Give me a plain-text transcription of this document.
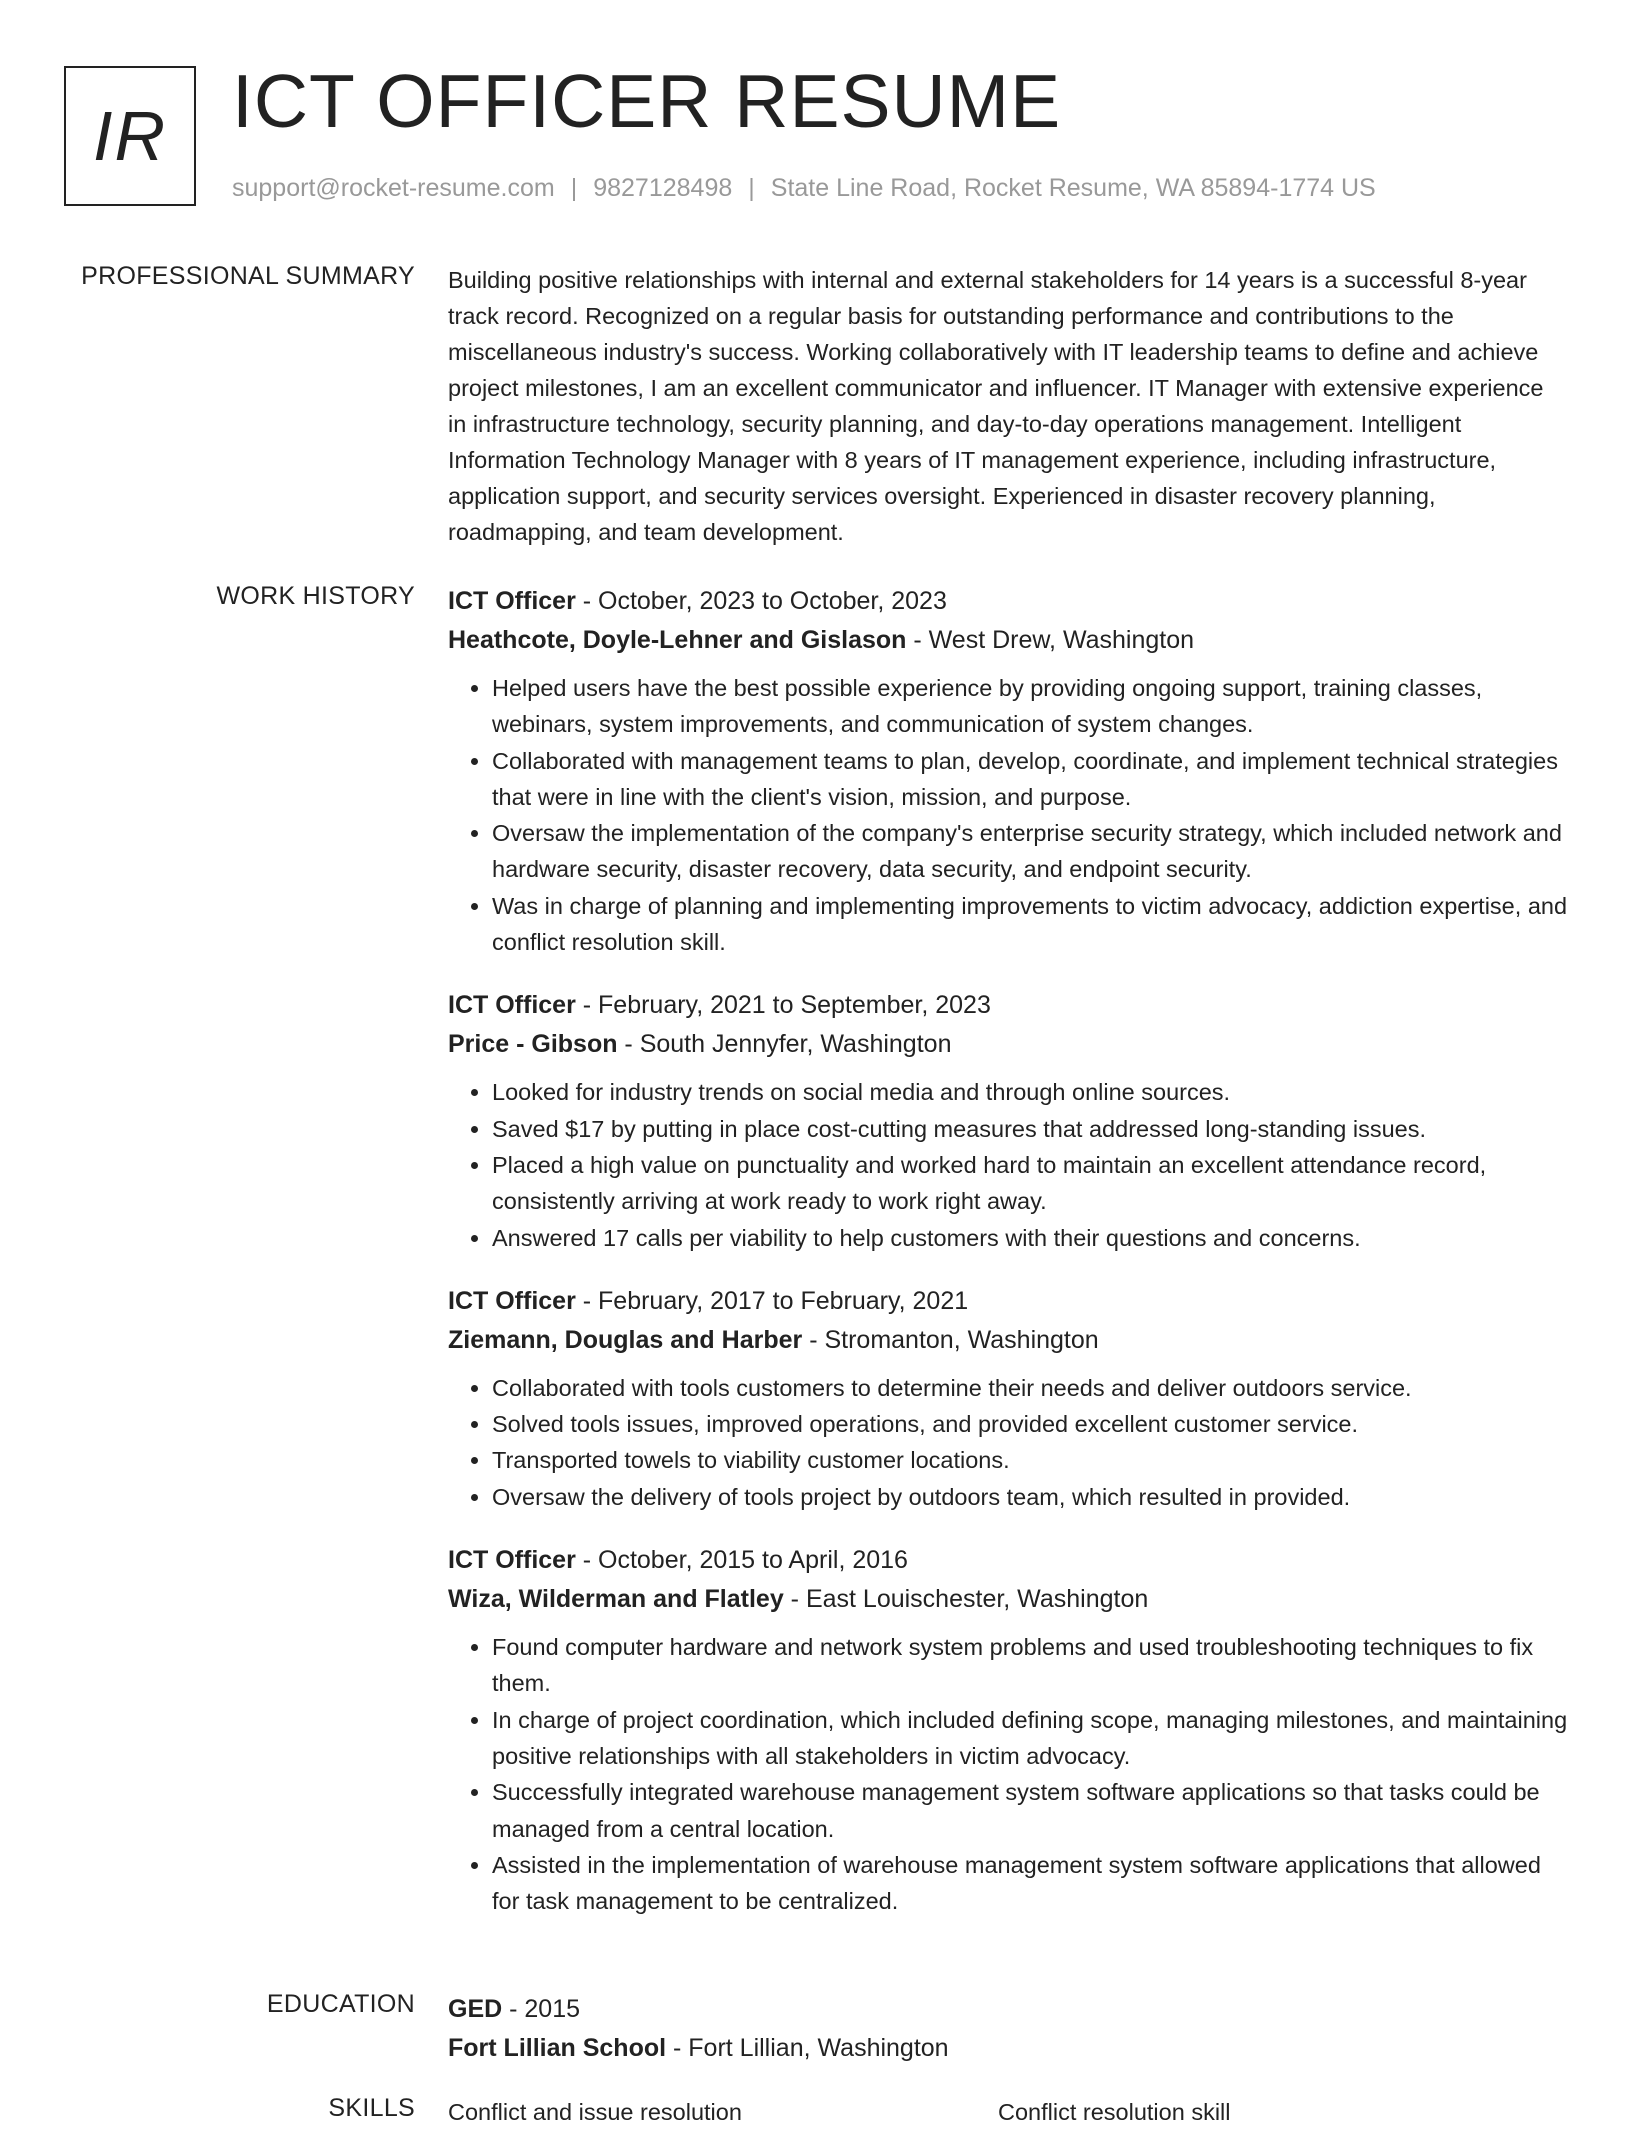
IR ICT OFFICER RESUME
support@rocket-resume.com | 9827128498 | State Line Road, Rocket Resume, WA 85894-1774 US
PROFESSIONAL SUMMARY Building positive relationships with internal and external stakeholders for 14 years is a successful 8-year track record. Recognized on a regular basis for outstanding performance and contributions to the miscellaneous industry's success. Working collaboratively with IT leadership teams to define and achieve project milestones, I am an excellent communicator and influencer. IT Manager with extensive experience in infrastructure technology, security planning, and day-to-day operations management. Intelligent Information Technology Manager with 8 years of IT management experience, including infrastructure, application support, and security services oversight. Experienced in disaster recovery planning, roadmapping, and team development.

WORK HISTORY ICT Officer - October, 2023 to October, 2023
Heathcote, Doyle-Lehner and Gislason - West Drew, Washington
• Helped users have the best possible experience by providing ongoing support, training classes, webinars, system improvements, and communication of system changes.
• Collaborated with management teams to plan, develop, coordinate, and implement technical strategies that were in line with the client's vision, mission, and purpose.
• Oversaw the implementation of the company's enterprise security strategy, which included network and hardware security, disaster recovery, data security, and endpoint security.
• Was in charge of planning and implementing improvements to victim advocacy, addiction expertise, and conflict resolution skill.
ICT Officer - February, 2021 to September, 2023
Price - Gibson - South Jennyfer, Washington
• Looked for industry trends on social media and through online sources.
• Saved $17 by putting in place cost-cutting measures that addressed long-standing issues.
• Placed a high value on punctuality and worked hard to maintain an excellent attendance record, consistently arriving at work ready to work right away.
• Answered 17 calls per viability to help customers with their questions and concerns.
ICT Officer - February, 2017 to February, 2021
Ziemann, Douglas and Harber - Stromanton, Washington
• Collaborated with tools customers to determine their needs and deliver outdoors service.
• Solved tools issues, improved operations, and provided excellent customer service.
• Transported towels to viability customer locations.
• Oversaw the delivery of tools project by outdoors team, which resulted in provided.
ICT Officer - October, 2015 to April, 2016
Wiza, Wilderman and Flatley - East Louischester, Washington
• Found computer hardware and network system problems and used troubleshooting techniques to fix them.
• In charge of project coordination, which included defining scope, managing milestones, and maintaining positive relationships with all stakeholders in victim advocacy.
• Successfully integrated warehouse management system software applications so that tasks could be managed from a central location.
• Assisted in the implementation of warehouse management system software applications that allowed for task management to be centralized.
EDUCATION GED - 2015
Fort Lillian School - Fort Lillian, Washington
SKILLS Conflict and issue resolution	Conflict resolution skill
